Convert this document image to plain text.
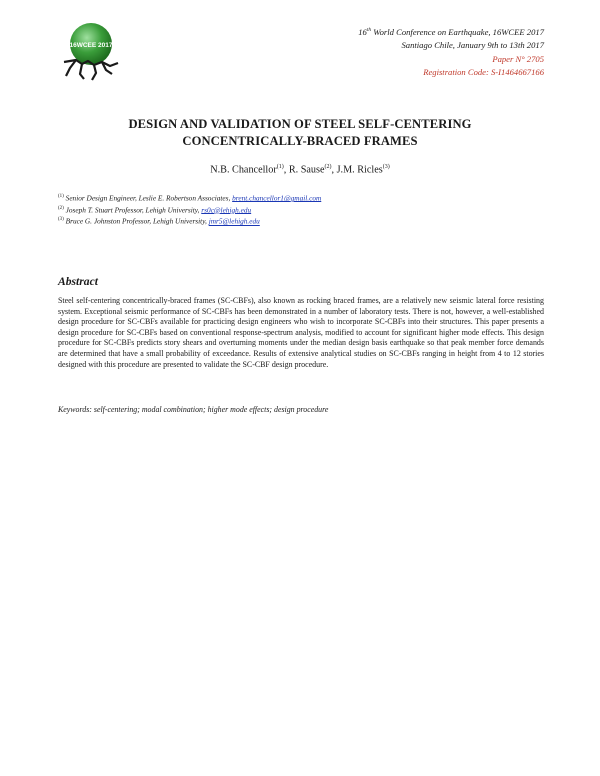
16WCEE 2017
16th World Conference on Earthquake, 16WCEE 2017
Santiago Chile, January 9th to 13th 2017
Paper N° 2705
Registration Code: S-I1464667166
DESIGN AND VALIDATION OF STEEL SELF-CENTERING
CONCENTRICALLY-BRACED FRAMES
N.B. Chancellor$^{(1)}$, R. Sause$^{(2)}$, J.M. Ricles$^{(3)}$
$^{(1)}$ Senior Design Engineer, Leslie E. Robertson Associates, brent.chancellor1@gmail.com
$^{(2)}$ Joseph T. Stuart Professor, Lehigh University, rs0c@lehigh.edu
$^{(3)}$ Bruce G. Johnston Professor, Lehigh University, jmr5@lehigh.edu
Abstract
Steel self-centering concentrically-braced frames (SC-CBFs), also known as rocking braced frames, are a relatively new seismic lateral force resisting system. Exceptional seismic performance of SC-CBFs has been demonstrated in a number of laboratory tests. There is not, however, a well-established design procedure for SC-CBFs available for practicing design engineers who wish to incorporate SC-CBFs into their structures. This paper presents a design procedure for SC-CBFs based on conventional response-spectrum analysis, modified to account for significant higher mode effects. This design procedure for SC-CBFs predicts story shears and overturning moments under the median design basis earthquake so that peak member force demands are determined that have a small probability of exceedance. Results of extensive analytical studies on SC-CBFs ranging in height from 4 to 12 stories designed with this procedure are presented to validate the SC-CBF design procedure.
Keywords: self-centering; modal combination; higher mode effects; design procedure
